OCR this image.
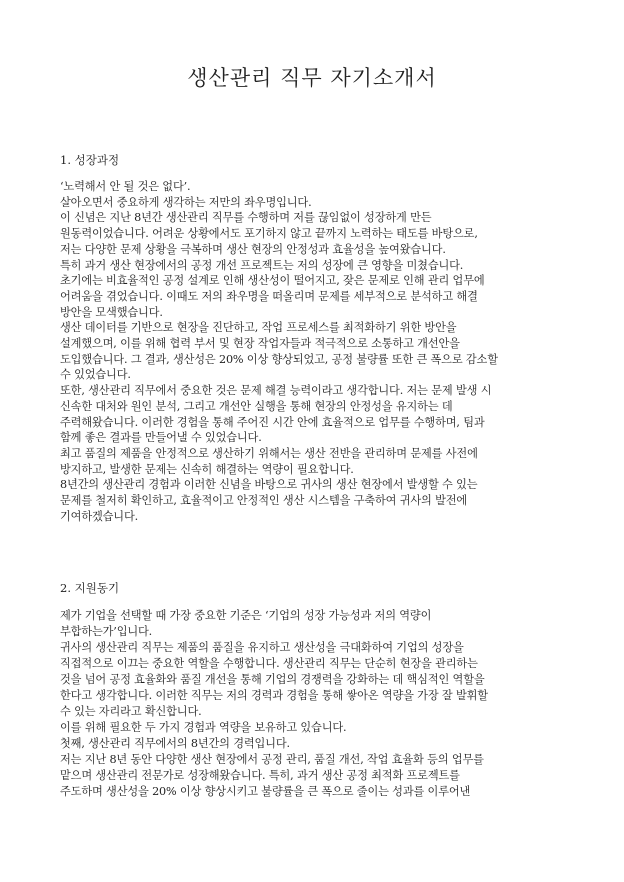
생산관리 직무 자기소개서
1. 성장과정
‘노력해서 안 될 것은 없다’.
살아오면서 중요하게 생각하는 저만의 좌우명입니다.
이 신념은 지난 8년간 생산관리 직무를 수행하며 저를 끊임없이 성장하게 만든
원동력이었습니다. 어려운 상황에서도 포기하지 않고 끝까지 노력하는 태도를 바탕으로,
저는 다양한 문제 상황을 극복하며 생산 현장의 안정성과 효율성을 높여왔습니다.
특히 과거 생산 현장에서의 공정 개선 프로젝트는 저의 성장에 큰 영향을 미쳤습니다.
초기에는 비효율적인 공정 설계로 인해 생산성이 떨어지고, 잦은 문제로 인해 관리 업무에
어려움을 겪었습니다. 이때도 저의 좌우명을 떠올리며 문제를 세부적으로 분석하고 해결
방안을 모색했습니다.
생산 데이터를 기반으로 현장을 진단하고, 작업 프로세스를 최적화하기 위한 방안을
설계했으며, 이를 위해 협력 부서 및 현장 작업자들과 적극적으로 소통하고 개선안을
도입했습니다. 그 결과, 생산성은 20% 이상 향상되었고, 공정 불량률 또한 큰 폭으로 감소할
수 있었습니다.
또한, 생산관리 직무에서 중요한 것은 문제 해결 능력이라고 생각합니다. 저는 문제 발생 시
신속한 대처와 원인 분석, 그리고 개선안 실행을 통해 현장의 안정성을 유지하는 데
주력해왔습니다. 이러한 경험을 통해 주어진 시간 안에 효율적으로 업무를 수행하며, 팀과
함께 좋은 결과를 만들어낼 수 있었습니다.
최고 품질의 제품을 안정적으로 생산하기 위해서는 생산 전반을 관리하며 문제를 사전에
방지하고, 발생한 문제는 신속히 해결하는 역량이 필요합니다.
8년간의 생산관리 경험과 이러한 신념을 바탕으로 귀사의 생산 현장에서 발생할 수 있는
문제를 철저히 확인하고, 효율적이고 안정적인 생산 시스템을 구축하여 귀사의 발전에
기여하겠습니다.
2. 지원동기
제가 기업을 선택할 때 가장 중요한 기준은 ‘기업의 성장 가능성과 저의 역량이
부합하는가’입니다.
귀사의 생산관리 직무는 제품의 품질을 유지하고 생산성을 극대화하여 기업의 성장을
직접적으로 이끄는 중요한 역할을 수행합니다. 생산관리 직무는 단순히 현장을 관리하는
것을 넘어 공정 효율화와 품질 개선을 통해 기업의 경쟁력을 강화하는 데 핵심적인 역할을
한다고 생각합니다. 이러한 직무는 저의 경력과 경험을 통해 쌓아온 역량을 가장 잘 발휘할
수 있는 자리라고 확신합니다.
이를 위해 필요한 두 가지 경험과 역량을 보유하고 있습니다.
첫째, 생산관리 직무에서의 8년간의 경력입니다.
저는 지난 8년 동안 다양한 생산 현장에서 공정 관리, 품질 개선, 작업 효율화 등의 업무를
맡으며 생산관리 전문가로 성장해왔습니다. 특히, 과거 생산 공정 최적화 프로젝트를
주도하며 생산성을 20% 이상 향상시키고 불량률을 큰 폭으로 줄이는 성과를 이루어낸
